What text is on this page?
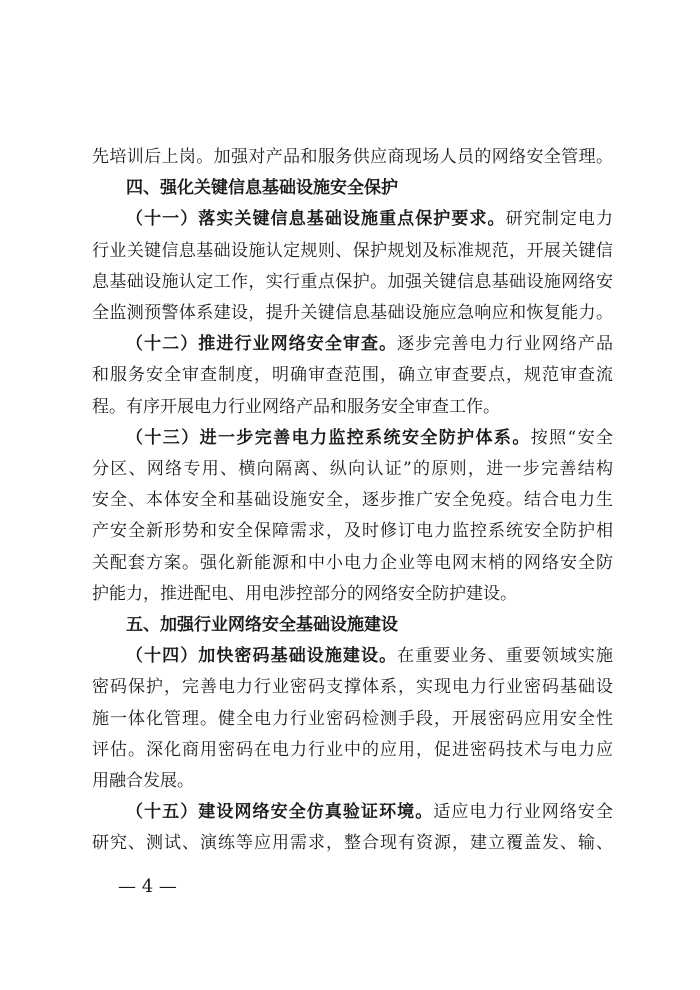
先培训后上岗。加强对产品和服务供应商现场人员的网络安全管理。
四、强化关键信息基础设施安全保护
（十一）落实关键信息基础设施重点保护要求。研究制定电力
行业关键信息基础设施认定规则、保护规划及标准规范，开展关键信
息基础设施认定工作，实行重点保护。加强关键信息基础设施网络安
全监测预警体系建设，提升关键信息基础设施应急响应和恢复能力。
（十二）推进行业网络安全审查。逐步完善电力行业网络产品
和服务安全审查制度，明确审查范围，确立审查要点，规范审查流
程。有序开展电力行业网络产品和服务安全审查工作。
（十三）进一步完善电力监控系统安全防护体系。按照“安全
分区、网络专用、横向隔离、纵向认证”的原则，进一步完善结构
安全、本体安全和基础设施安全，逐步推广安全免疫。结合电力生
产安全新形势和安全保障需求，及时修订电力监控系统安全防护相
关配套方案。强化新能源和中小电力企业等电网末梢的网络安全防
护能力，推进配电、用电涉控部分的网络安全防护建设。
五、加强行业网络安全基础设施建设
（十四）加快密码基础设施建设。在重要业务、重要领域实施
密码保护，完善电力行业密码支撑体系，实现电力行业密码基础设
施一体化管理。健全电力行业密码检测手段，开展密码应用安全性
评估。深化商用密码在电力行业中的应用，促进密码技术与电力应
用融合发展。
（十五）建设网络安全仿真验证环境。适应电力行业网络安全
研究、测试、演练等应用需求，整合现有资源，建立覆盖发、输、
— 4 —
